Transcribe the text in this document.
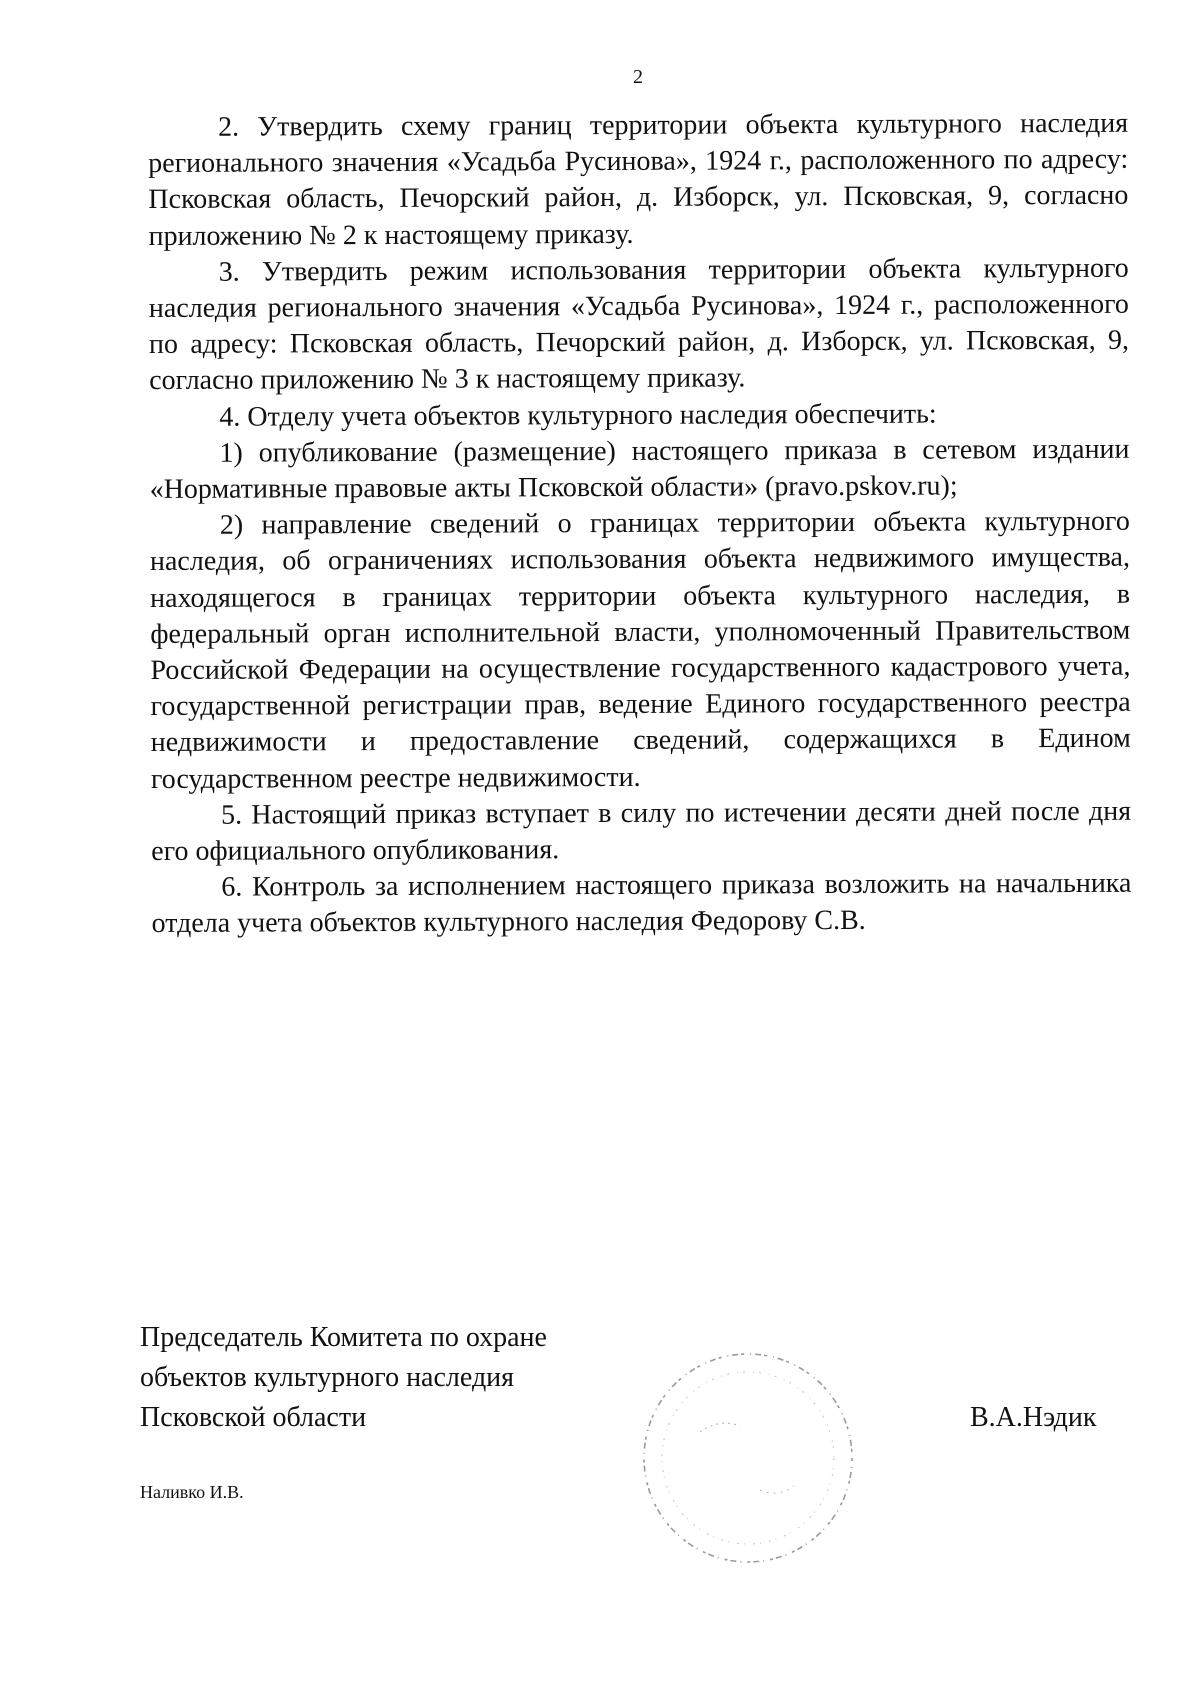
2

2. Утвердить схему границ территории объекта культурного наследия регионального значения «Усадьба Русинова», 1924 г., расположенного по адресу: Псковская область, Печорский район, д. Изборск, ул. Псковская, 9, согласно приложению № 2 к настоящему приказу.

3. Утвердить режим использования территории объекта культурного наследия регионального значения «Усадьба Русинова», 1924 г., расположенного по адресу: Псковская область, Печорский район, д. Изборск, ул. Псковская, 9, согласно приложению № 3 к настоящему приказу.

4. Отделу учета объектов культурного наследия обеспечить:

1) опубликование (размещение) настоящего приказа в сетевом издании «Нормативные правовые акты Псковской области» (pravo.pskov.ru);

2) направление сведений о границах территории объекта культурного наследия, об ограничениях использования объекта недвижимого имущества, находящегося в границах территории объекта культурного наследия, в федеральный орган исполнительной власти, уполномоченный Правительством Российской Федерации на осуществление государственного кадастрового учета, государственной регистрации прав, ведение Единого государственного реестра недвижимости и предоставление сведений, содержащихся в Едином государственном реестре недвижимости.

5. Настоящий приказ вступает в силу по истечении десяти дней после дня его официального опубликования.

6. Контроль за исполнением настоящего приказа возложить на начальника отдела учета объектов культурного наследия Федорову С.В.

Председатель Комитета по охране
объектов культурного наследия
Псковской области	В.А.Нэдик
Наливко И.В.
